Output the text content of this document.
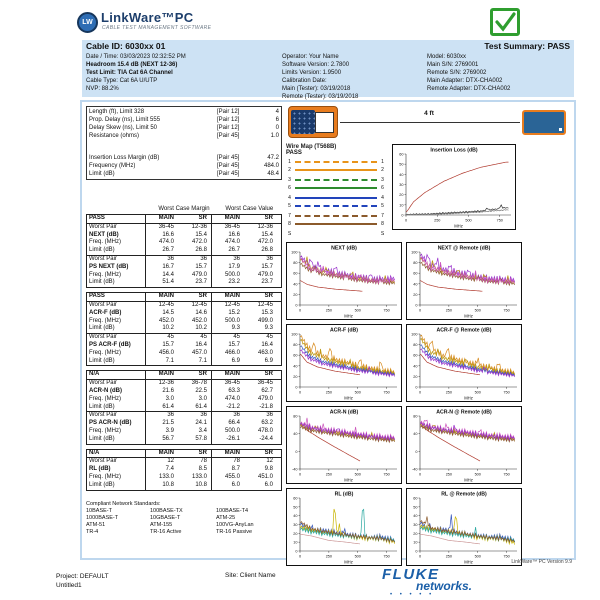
LW LinkWare™PC
CABLE TEST MANAGEMENT SOFTWARE
Cable ID: 6030xx 01	Test Summary: PASS
Date / Time: 03/03/2023 02:32:52 PM
Headroom 15.4 dB (NEXT 12-36)
Test Limit: TIA Cat 6A Channel
Cable Type: Cat 6A U/UTP
NVP: 88.2%
Operator: Your Name
Software Version: 2.7800
Limits Version: 1.9500
Calibration Date:
Main (Tester): 03/19/2018
Remote (Tester): 03/19/2018
Model: 6030xx
Main S/N: 2769001
Remote S/N: 2769002
Main Adapter: DTX-CHA002
Remote Adapter: DTX-CHA002
Length (ft), Limit 328	[Pair 12]	4
Prop. Delay (ns), Limit 555	[Pair 12]	6
Delay Skew (ns), Limit 50	[Pair 12]	0
Resistance (ohms)	[Pair 45]	1.0
Insertion Loss Margin (dB)	[Pair 45]	47.2
Frequency (MHz)	[Pair 45]	484.0
Limit (dB)	[Pair 45]	48.4
Worst Case Margin	Worst Case Value
PASS	MAIN	SR	MAIN	SR
Worst Pair	36-45	12-36	36-45	12-36
NEXT (dB)	16.6	15.4	16.6	15.4
Freq. (MHz)	474.0	472.0	474.0	472.0
Limit (dB)	26.7	26.8	26.7	26.8
Worst Pair	36	36	36	36
PS NEXT (dB)	16.7	15.7	17.9	15.7
Freq. (MHz)	14.4	479.0	500.0	479.0
Limit (dB)	51.4	23.7	23.2	23.7
PASS	MAIN	SR	MAIN	SR
Worst Pair	12-45	12-45	12-45	12-45
ACR-F (dB)	14.5	14.6	15.2	15.3
Freq. (MHz)	452.0	452.0	500.0	499.0
Limit (dB)	10.2	10.2	9.3	9.3
Worst Pair	45	45	45	45
PS ACR-F (dB)	15.7	16.4	15.7	16.4
Freq. (MHz)	456.0	457.0	466.0	463.0
Limit (dB)	7.1	7.1	6.9	6.9
N/A	MAIN	SR	MAIN	SR
Worst Pair	12-36	36-78	36-45	36-45
ACR-N (dB)	21.6	22.5	63.3	62.7
Freq. (MHz)	3.0	3.0	474.0	479.0
Limit (dB)	61.4	61.4	-21.2	-21.8
Worst Pair	36	36	36	36
PS ACR-N (dB)	21.5	24.1	66.4	63.2
Freq. (MHz)	3.9	3.4	500.0	478.0
Limit (dB)	56.7	57.8	-26.1	-24.4
N/A	MAIN	SR	MAIN	SR
Worst Pair	12	78	78	12
RL (dB)	7.4	8.5	8.7	9.8
Freq. (MHz)	133.0	133.0	455.0	451.0
Limit (dB)	10.8	10.8	6.0	6.0
Compliant Network Standards:
10BASE-T	100BASE-TX	100BASE-T4
1000BASE-T	10GBASE-T	ATM-25
ATM-51	ATM-155	100VG-AnyLan
TR-4	TR-16 Active	TR-16 Passive
4 ft
Wire Map (T568B)
PASS
1	1
2	2
3	3
6	6
4	4
5	5
7	7
8	8
S	S
Insertion Loss (dB)
0
10
20
30
40
50
60
0	250	500	750
MHz
NEXT (dB)
0
20
40
60
80
100
0	250	500	750
MHz
NEXT @ Remote (dB)
0
20
40
60
80
100
0	250	500	750
MHz
ACR-F (dB)
0
20
40
60
80
100
0	250	500	750
MHz
ACR-F @ Remote (dB)
0
20
40
60
80
100
0	250	500	750
MHz
ACR-N (dB)
-40
0
40
80
0	250	500	750
MHz
ACR-N @ Remote (dB)
-40
0
40
80
0	250	500	750
MHz
RL (dB)
0
10
20
30
40
50
60
0	250	500	750
MHz
RL @ Remote (dB)
0
10
20
30
40
50
60
0	250	500	750
MHz	LinkWare™ PC Version 9.9
Project: DEFAULT
Untitled1
Site: Client Name	FLUKE
networks.
• • • • •
